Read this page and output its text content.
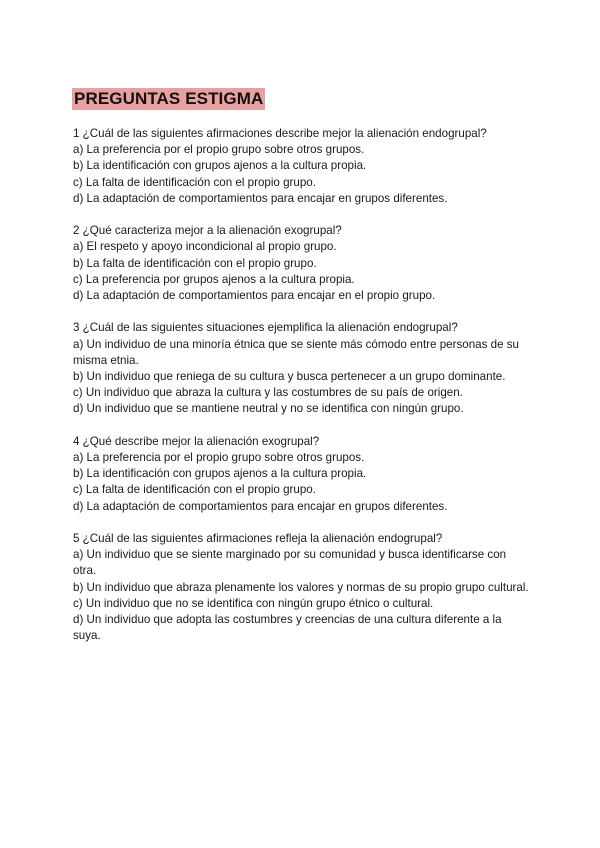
PREGUNTAS ESTIGMA
1 ¿Cuál de las siguientes afirmaciones describe mejor la alienación endogrupal?
a) La preferencia por el propio grupo sobre otros grupos.
b) La identificación con grupos ajenos a la cultura propia.
c) La falta de identificación con el propio grupo.
d) La adaptación de comportamientos para encajar en grupos diferentes.
2 ¿Qué caracteriza mejor a la alienación exogrupal?
a) El respeto y apoyo incondicional al propio grupo.
b) La falta de identificación con el propio grupo.
c) La preferencia por grupos ajenos a la cultura propia.
d) La adaptación de comportamientos para encajar en el propio grupo.
3 ¿Cuál de las siguientes situaciones ejemplifica la alienación endogrupal?
a) Un individuo de una minoría étnica que se siente más cómodo entre personas de su misma etnia.
b) Un individuo que reniega de su cultura y busca pertenecer a un grupo dominante.
c) Un individuo que abraza la cultura y las costumbres de su país de origen.
d) Un individuo que se mantiene neutral y no se identifica con ningún grupo.
4 ¿Qué describe mejor la alienación exogrupal?
a) La preferencia por el propio grupo sobre otros grupos.
b) La identificación con grupos ajenos a la cultura propia.
c) La falta de identificación con el propio grupo.
d) La adaptación de comportamientos para encajar en grupos diferentes.
5 ¿Cuál de las siguientes afirmaciones refleja la alienación endogrupal?
a) Un individuo que se siente marginado por su comunidad y busca identificarse con otra.
b) Un individuo que abraza plenamente los valores y normas de su propio grupo cultural.
c) Un individuo que no se identifica con ningún grupo étnico o cultural.
d) Un individuo que adopta las costumbres y creencias de una cultura diferente a la suya.
